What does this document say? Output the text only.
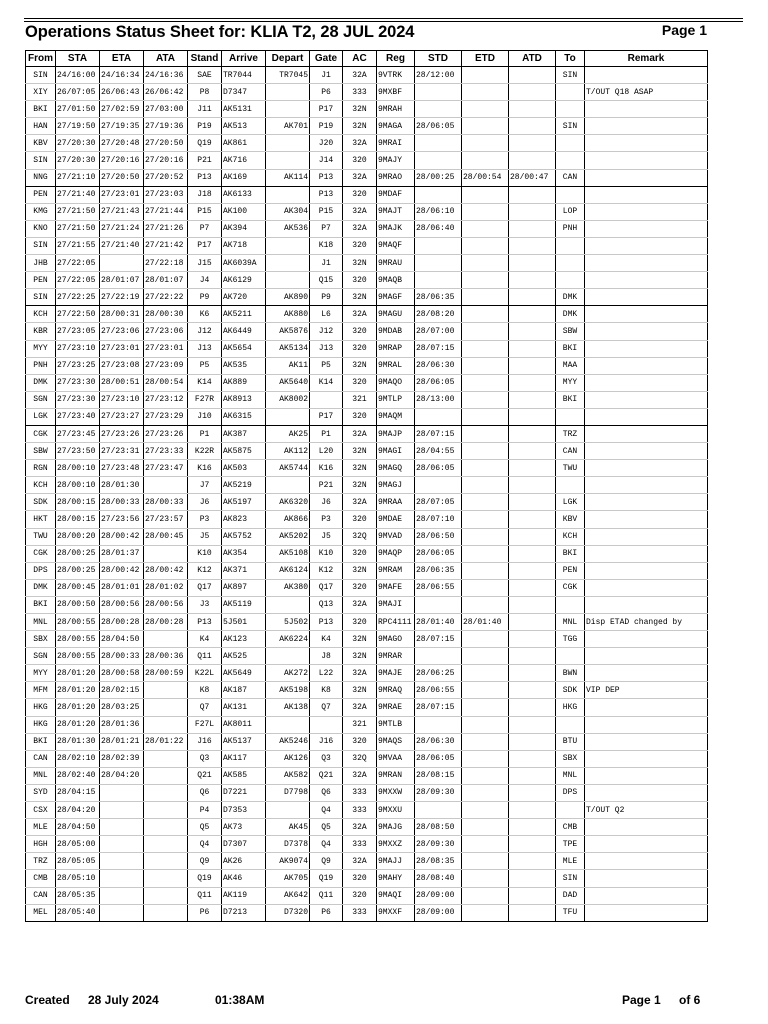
Operations Status Sheet for: KLIA T2, 28 JUL 2024	Page 1
From	STA	ETA	ATA	Stand	Arrive	Depart	Gate	AC	Reg	STD	ETD	ATD	To	Remark
SIN	24/16:00	24/16:34	24/16:36	SAE	TR7044	TR7045	J1	32A	9VTRK	28/12:00			SIN	
XIY	26/07:05	26/06:43	26/06:42	P8	D7347		P6	333	9MXBF					T/OUT Q18 ASAP
BKI	27/01:50	27/02:59	27/03:00	J11	AK5131		P17	32N	9MRAH					
HAN	27/19:50	27/19:35	27/19:36	P19	AK513	AK701	P19	32N	9MAGA	28/06:05			SIN	
KBV	27/20:30	27/20:48	27/20:50	Q19	AK861		J20	32A	9MRAI					
SIN	27/20:30	27/20:16	27/20:16	P21	AK716		J14	320	9MAJY					
NNG	27/21:10	27/20:50	27/20:52	P13	AK169	AK114	P13	32A	9MRAO	28/00:25	28/00:54	28/00:47	CAN	
PEN	27/21:40	27/23:01	27/23:03	J18	AK6133		P13	320	9MDAF					
KMG	27/21:50	27/21:43	27/21:44	P15	AK100	AK304	P15	32A	9MAJT	28/06:10			LOP	
KNO	27/21:50	27/21:24	27/21:26	P7	AK394	AK536	P7	32A	9MAJK	28/06:40			PNH	
SIN	27/21:55	27/21:40	27/21:42	P17	AK718		K18	320	9MAQF					
JHB	27/22:05		27/22:18	J15	AK6039A		J1	32N	9MRAU					
PEN	27/22:05	28/01:07	28/01:07	J4	AK6129		Q15	320	9MAQB					
SIN	27/22:25	27/22:19	27/22:22	P9	AK720	AK890	P9	32N	9MAGF	28/06:35			DMK	
KCH	27/22:50	28/00:31	28/00:30	K6	AK5211	AK880	L6	32A	9MAGU	28/08:20			DMK	
KBR	27/23:05	27/23:06	27/23:06	J12	AK6449	AK5876	J12	320	9MDAB	28/07:00			SBW	
MYY	27/23:10	27/23:01	27/23:01	J13	AK5654	AK5134	J13	320	9MRAP	28/07:15			BKI	
PNH	27/23:25	27/23:08	27/23:09	P5	AK535	AK11	P5	32N	9MRAL	28/06:30			MAA	
DMK	27/23:30	28/00:51	28/00:54	K14	AK889	AK5640	K14	320	9MAQO	28/06:05			MYY	
SGN	27/23:30	27/23:10	27/23:12	F27R	AK8913	AK8002		321	9MTLP	28/13:00			BKI	
LGK	27/23:40	27/23:27	27/23:29	J10	AK6315		P17	320	9MAQM					
CGK	27/23:45	27/23:26	27/23:26	P1	AK387	AK25	P1	32A	9MAJP	28/07:15			TRZ	
SBW	27/23:50	27/23:31	27/23:33	K22R	AK5875	AK112	L20	32N	9MAGI	28/04:55			CAN	
RGN	28/00:10	27/23:48	27/23:47	K16	AK503	AK5744	K16	32N	9MAGQ	28/06:05			TWU	
KCH	28/00:10	28/01:30		J7	AK5219		P21	32N	9MAGJ					
SDK	28/00:15	28/00:33	28/00:33	J6	AK5197	AK6320	J6	32A	9MRAA	28/07:05			LGK	
HKT	28/00:15	27/23:56	27/23:57	P3	AK823	AK866	P3	320	9MDAE	28/07:10			KBV	
TWU	28/00:20	28/00:42	28/00:45	J5	AK5752	AK5202	J5	32Q	9MVAD	28/06:50			KCH	
CGK	28/00:25	28/01:37		K10	AK354	AK5108	K10	320	9MAQP	28/06:05			BKI	
DPS	28/00:25	28/00:42	28/00:42	K12	AK371	AK6124	K12	32N	9MRAM	28/06:35			PEN	
DMK	28/00:45	28/01:01	28/01:02	Q17	AK897	AK380	Q17	320	9MAFE	28/06:55			CGK	
BKI	28/00:50	28/00:56	28/00:56	J3	AK5119		Q13	32A	9MAJI					
MNL	28/00:55	28/00:28	28/00:28	P13	5J501	5J502	P13	320	RPC4111	28/01:40	28/01:40		MNL	Disp ETAD changed by
SBX	28/00:55	28/04:50		K4	AK123	AK6224	K4	32N	9MAGO	28/07:15			TGG	
SGN	28/00:55	28/00:33	28/00:36	Q11	AK525		J8	32N	9MRAR					
MYY	28/01:20	28/00:58	28/00:59	K22L	AK5649	AK272	L22	32A	9MAJE	28/06:25			BWN	
MFM	28/01:20	28/02:15		K8	AK187	AK5198	K8	32N	9MRAQ	28/06:55			SDK	VIP DEP
HKG	28/01:20	28/03:25		Q7	AK131	AK138	Q7	32A	9MRAE	28/07:15			HKG	
HKG	28/01:20	28/01:36		F27L	AK8011			321	9MTLB					
BKI	28/01:30	28/01:21	28/01:22	J16	AK5137	AK5246	J16	320	9MAQS	28/06:30			BTU	
CAN	28/02:10	28/02:39		Q3	AK117	AK126	Q3	32Q	9MVAA	28/06:05			SBX	
MNL	28/02:40	28/04:20		Q21	AK585	AK582	Q21	32A	9MRAN	28/08:15			MNL	
SYD	28/04:15			Q6	D7221	D7798	Q6	333	9MXXW	28/09:30			DPS	
CSX	28/04:20			P4	D7353		Q4	333	9MXXU					T/OUT Q2
MLE	28/04:50			Q5	AK73	AK45	Q5	32A	9MAJG	28/08:50			CMB	
HGH	28/05:00			Q4	D7307	D7378	Q4	333	9MXXZ	28/09:30			TPE	
TRZ	28/05:05			Q9	AK26	AK9074	Q9	32A	9MAJJ	28/08:35			MLE	
CMB	28/05:10			Q19	AK46	AK705	Q19	320	9MAHY	28/08:40			SIN	
CAN	28/05:35			Q11	AK119	AK642	Q11	320	9MAQI	28/09:00			DAD	
MEL	28/05:40			P6	D7213	D7320	P6	333	9MXXF	28/09:00			TFU	
Created 28 July 2024	01:38AM	Page 1 of 6
